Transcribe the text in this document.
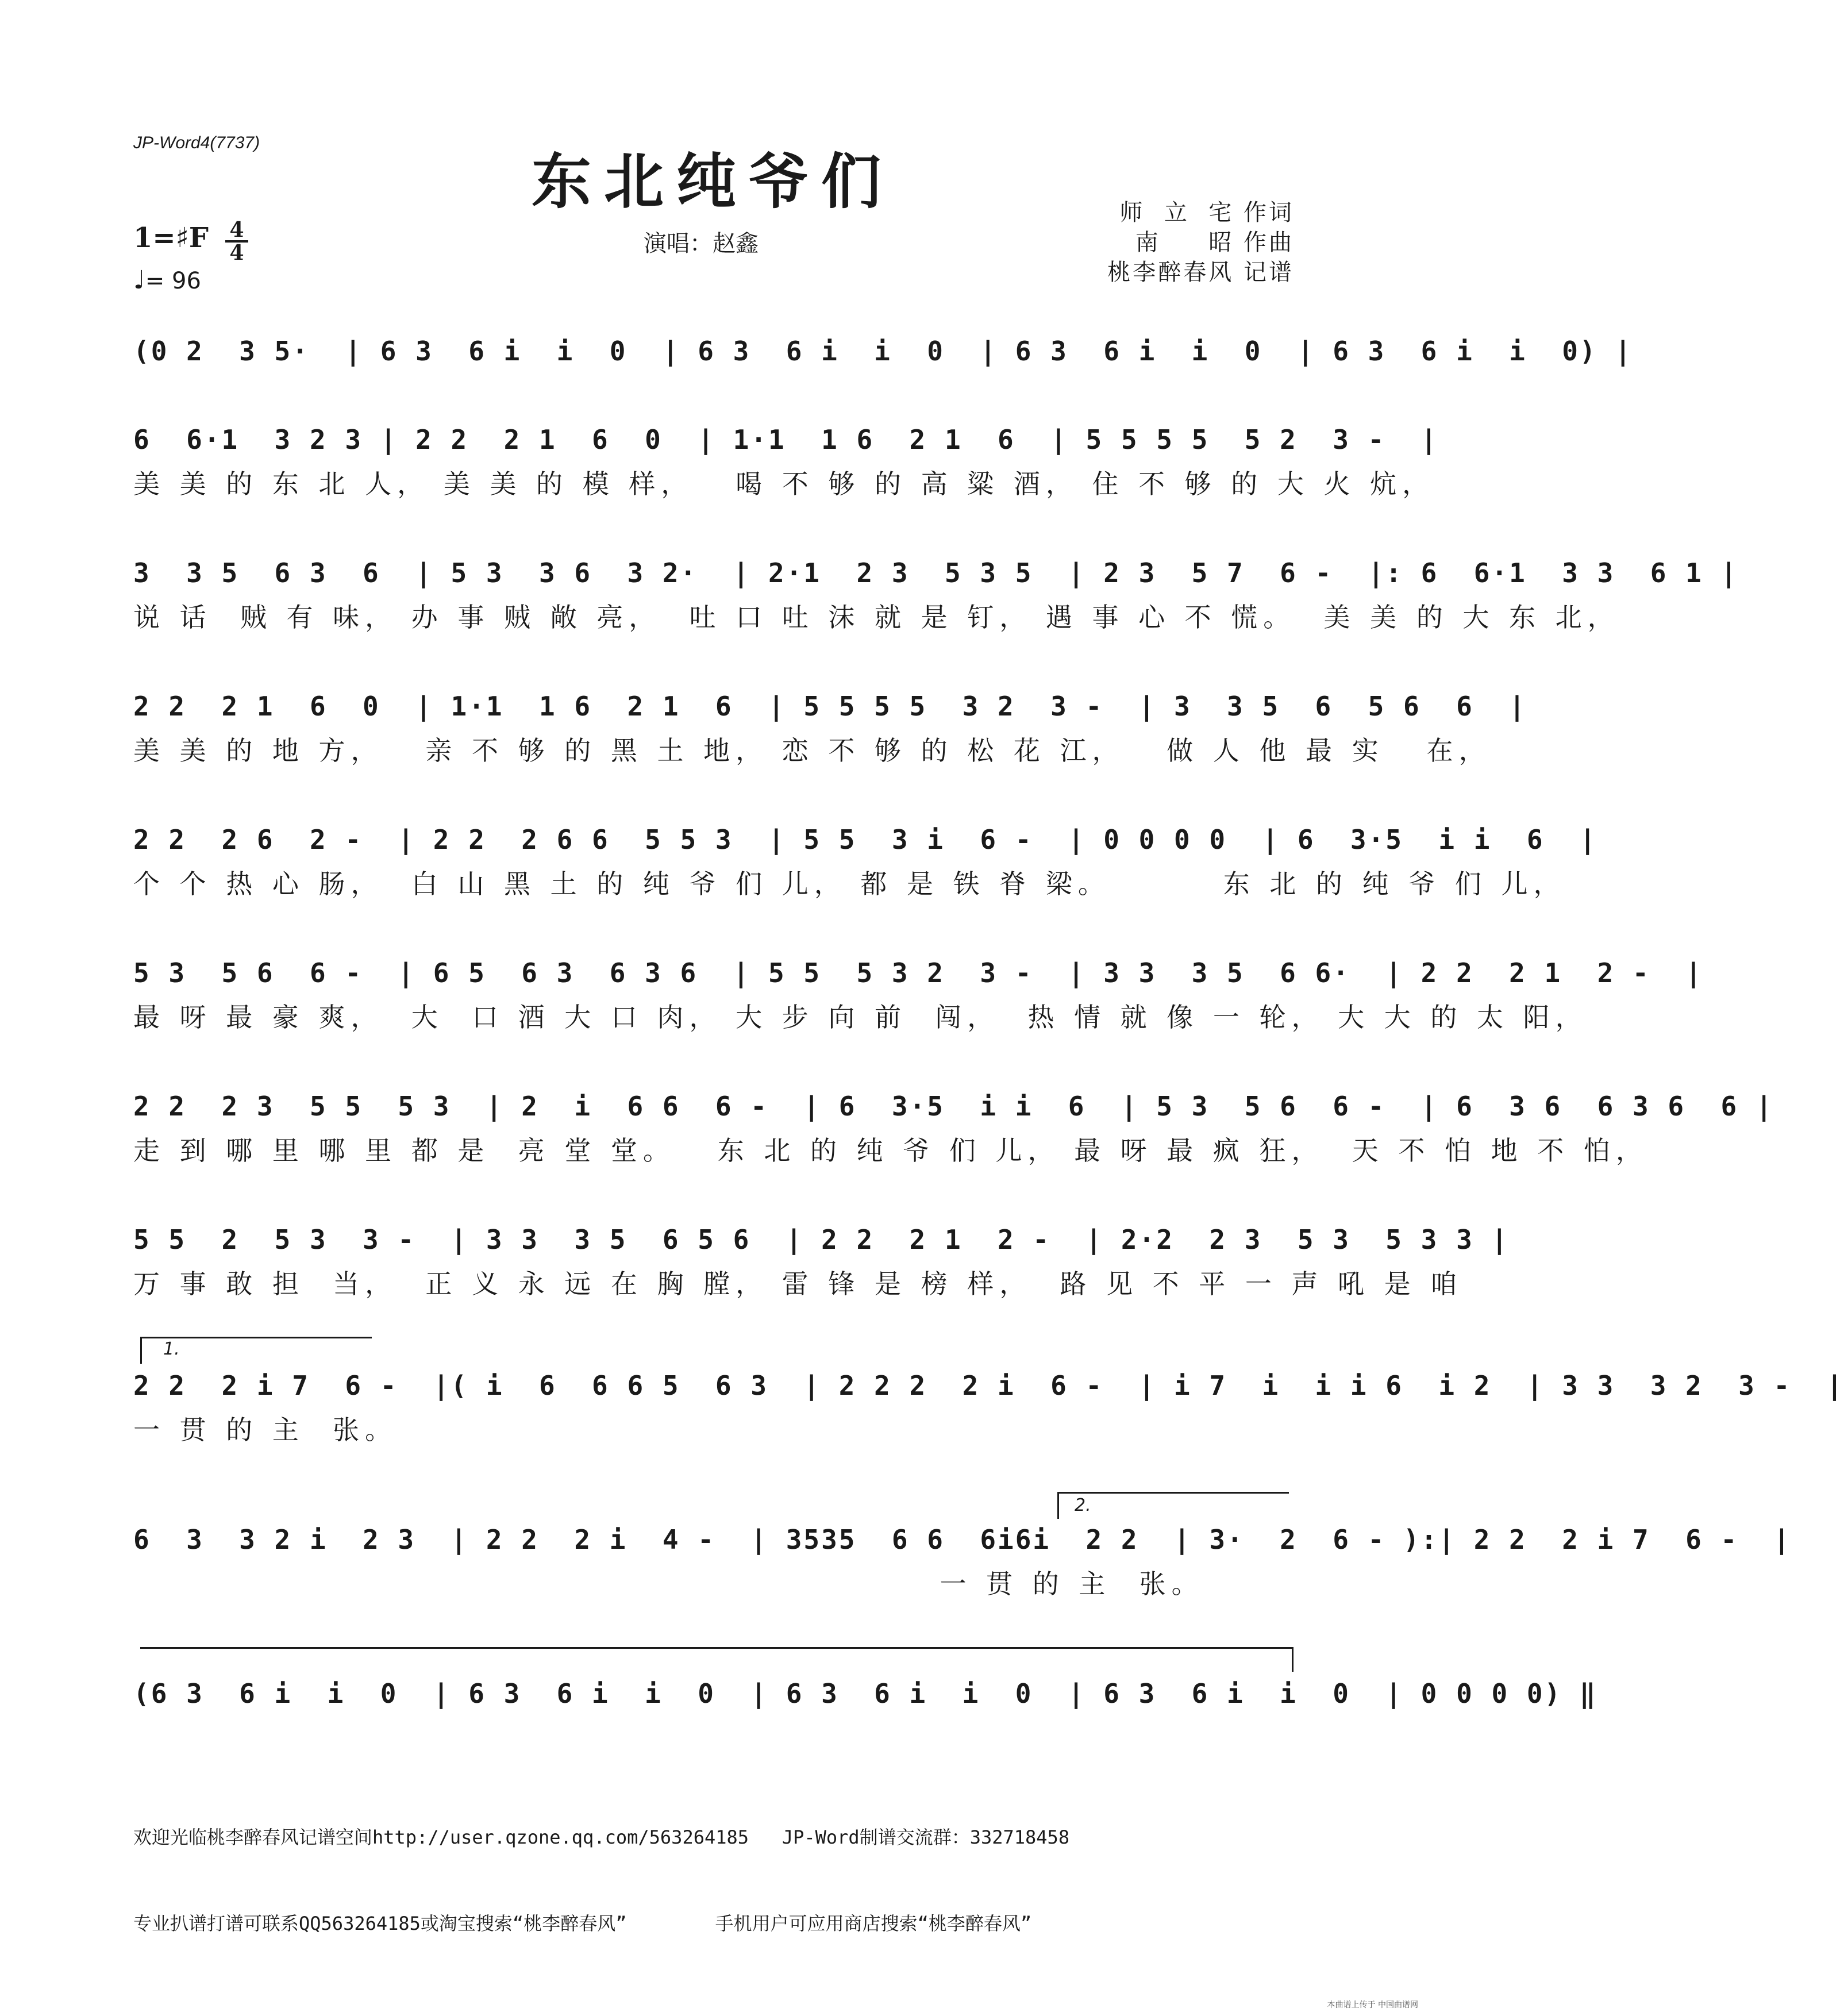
JP-Word4(7737)
东北纯爷们
1=♯F 4
4
♩= 96
演唱：赵鑫
师  立  宅 作词
南     昭 作曲
桃李醉春风 记谱
(0 2  3 5·  | 6 3  6 i  i  0  | 6 3  6 i  i  0  | 6 3  6 i  i  0  | 6 3  6 i  i  0) |
6  6·1  3 2 3 | 2 2  2 1  6  0  | 1·1  1 6  2 1  6  | 5 5 5 5  5 2  3 -  |
美 美 的 东 北 人， 美 美 的 模 样，   喝 不 够 的 高 粱 酒， 住 不 够 的 大 火 炕，
3  3 5  6 3  6  | 5 3  3 6  3 2·  | 2·1  2 3  5 3 5  | 2 3  5 7  6 -  |: 6  6·1  3 3  6 1 |
说 话  贼 有 味， 办 事 贼 敞 亮，  吐 口 吐 沫 就 是 钉， 遇 事 心 不 慌。  美 美 的 大 东 北，
2 2  2 1  6  0  | 1·1  1 6  2 1  6  | 5 5 5 5  3 2  3 -  | 3  3 5  6  5 6  6  |
美 美 的 地 方，   亲 不 够 的 黑 土 地， 恋 不 够 的 松 花 江，   做 人 他 最 实   在，
2 2  2 6  2 -  | 2 2  2 6 6  5 5 3  | 5 5  3 i  6 -  | 0 0 0 0  | 6  3·5  i i  6  |
个 个 热 心 肠，  白 山 黑 土 的 纯 爷 们 儿， 都 是 铁 脊 梁。        东 北 的 纯 爷 们 儿，
5 3  5 6  6 -  | 6 5  6 3  6 3 6  | 5 5  5 3 2  3 -  | 3 3  3 5  6 6·  | 2 2  2 1  2 -  |
最 呀 最 豪 爽，  大  口 酒 大 口 肉， 大 步 向 前  闯，  热 情 就 像 一 轮， 大 大 的 太 阳，
2 2  2 3  5 5  5 3  | 2  i  6 6  6 -  | 6  3·5  i i  6  | 5 3  5 6  6 -  | 6  3 6  6 3 6  6 |
走 到 哪 里 哪 里 都 是  亮 堂 堂。   东 北 的 纯 爷 们 儿， 最 呀 最 疯 狂，  天 不 怕 地 不 怕，
5 5  2  5 3  3 -  | 3 3  3 5  6 5 6  | 2 2  2 1  2 -  | 2·2  2 3  5 3  5 3 3 |
万 事 敢 担  当，  正 义 永 远 在 胸 膛， 雷 锋 是 榜 样，  路 见 不 平 一 声 吼 是 咱
1.
2 2  2 i 7  6 -  |( i  6  6 6 5  6 3  | 2 2 2  2 i  6 -  | i 7  i  i i 6  i 2  | 3 3  3 2  3 -  |
一 贯 的 主  张。
2.
6  3  3 2 i  2 3  | 2 2  2 i  4 -  | 3535  6 6  6i6i  2 2  | 3·  2  6 - ):| 2 2  2 i 7  6 -  |
一 贯 的 主  张。
(6 3  6 i  i  0  | 6 3  6 i  i  0  | 6 3  6 i  i  0  | 6 3  6 i  i  0  | 0 0 0 0) ‖

欢迎光临桃李醉春风记谱空间http://user.qzone.qq.com/563264185   JP-Word制谱交流群：332718458

专业扒谱打谱可联系QQ563264185或淘宝搜索“桃李醉春风”        手机用户可应用商店搜索“桃李醉春风”

本曲谱上传于 中国曲谱网
